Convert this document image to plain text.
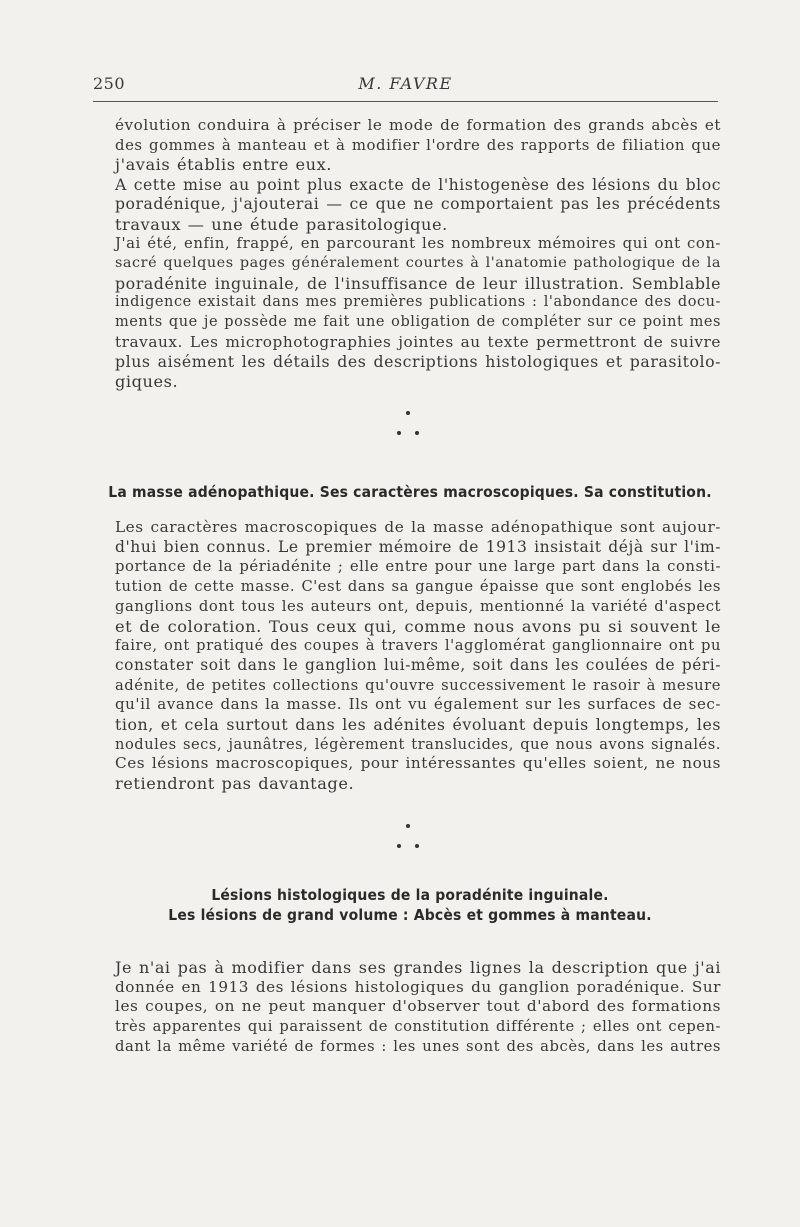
250	M. FAVRE

évolution conduira à préciser le mode de formation des grands abcès et
des gommes à manteau et à modifier l'ordre des rapports de filiation que
j'avais établis entre eux.
A cette mise au point plus exacte de l'histogenèse des lésions du bloc
poradénique, j'ajouterai — ce que ne comportaient pas les précédents
travaux — une étude parasitologique.
J'ai été, enfin, frappé, en parcourant les nombreux mémoires qui ont con-
sacré quelques pages généralement courtes à l'anatomie pathologique de la
poradénite inguinale, de l'insuffisance de leur illustration. Semblable
indigence existait dans mes premières publications : l'abondance des docu-
ments que je possède me fait une obligation de compléter sur ce point mes
travaux. Les microphotographies jointes au texte permettront de suivre
plus aisément les détails des descriptions histologiques et parasitolo-
giques.

La masse adénopathique. Ses caractères macroscopiques. Sa constitution.

Les caractères macroscopiques de la masse adénopathique sont aujour-
d'hui bien connus. Le premier mémoire de 1913 insistait déjà sur l'im-
portance de la périadénite ; elle entre pour une large part dans la consti-
tution de cette masse. C'est dans sa gangue épaisse que sont englobés les
ganglions dont tous les auteurs ont, depuis, mentionné la variété d'aspect
et de coloration. Tous ceux qui, comme nous avons pu si souvent le
faire, ont pratiqué des coupes à travers l'agglomérat ganglionnaire ont pu
constater soit dans le ganglion lui-même, soit dans les coulées de péri-
adénite, de petites collections qu'ouvre successivement le rasoir à mesure
qu'il avance dans la masse. Ils ont vu également sur les surfaces de sec-
tion, et cela surtout dans les adénites évoluant depuis longtemps, les
nodules secs, jaunâtres, légèrement translucides, que nous avons signalés.
Ces lésions macroscopiques, pour intéressantes qu'elles soient, ne nous
retiendront pas davantage.

Lésions histologiques de la poradénite inguinale.
Les lésions de grand volume : Abcès et gommes à manteau.

Je n'ai pas à modifier dans ses grandes lignes la description que j'ai
donnée en 1913 des lésions histologiques du ganglion poradénique. Sur
les coupes, on ne peut manquer d'observer tout d'abord des formations
très apparentes qui paraissent de constitution différente ; elles ont cepen-
dant la même variété de formes : les unes sont des abcès, dans les autres
